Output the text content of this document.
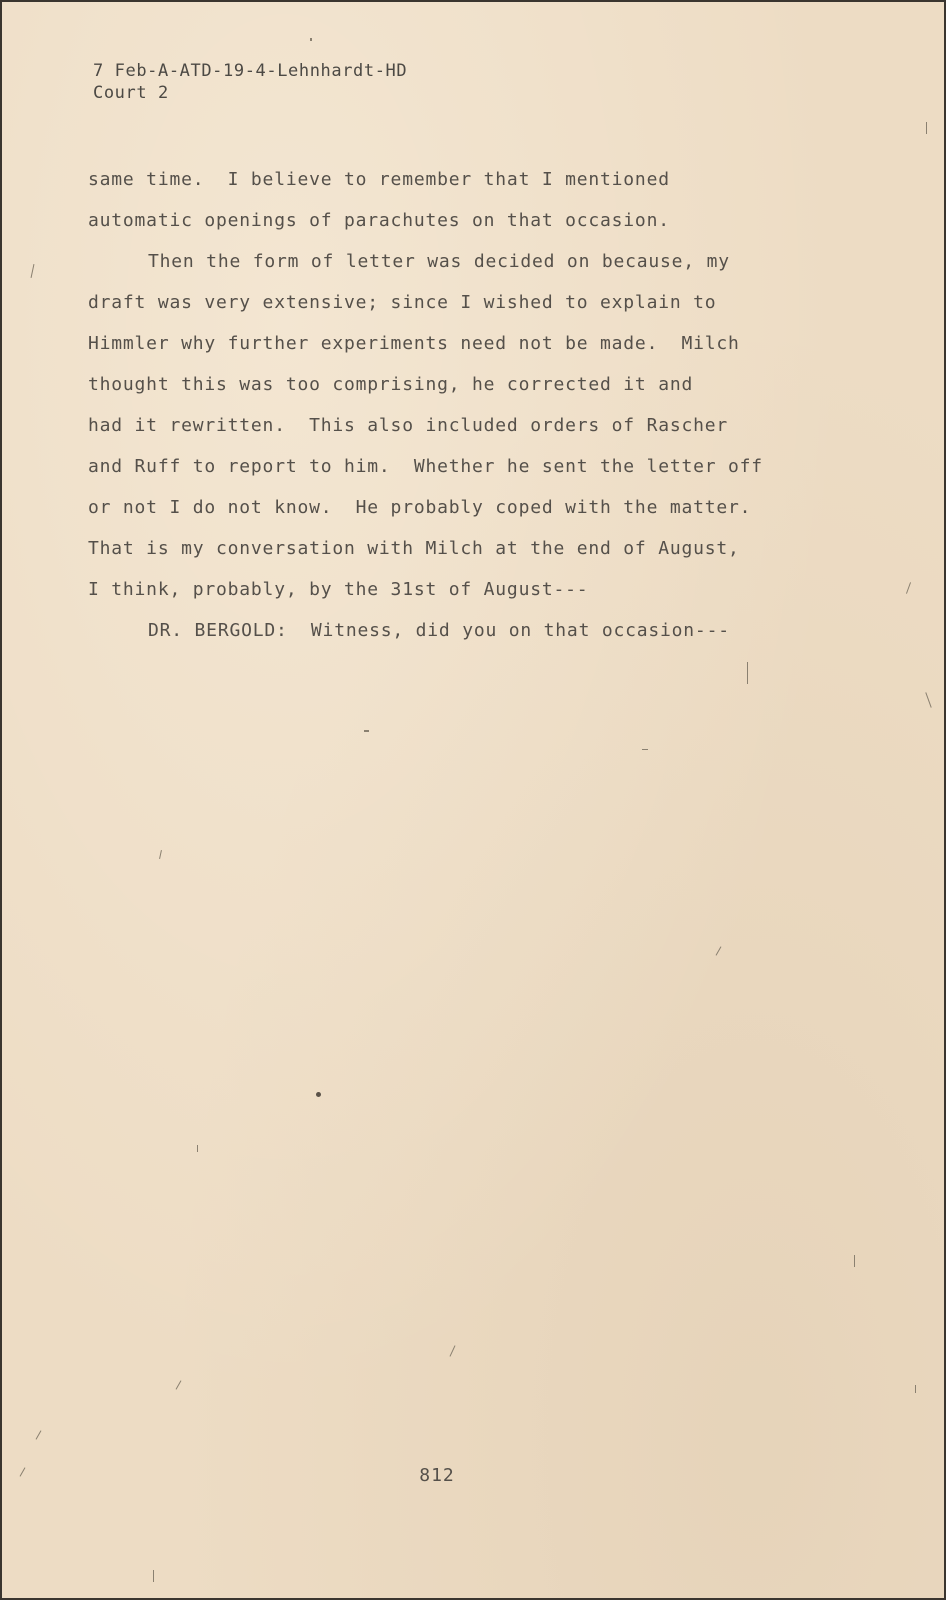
7 Feb-A-ATD-19-4-Lehnhardt-HD
Court 2
same time.  I believe to remember that I mentioned
automatic openings of parachutes on that occasion.
Then the form of letter was decided on because, my
draft was very extensive; since I wished to explain to
Himmler why further experiments need not be made.  Milch
thought this was too comprising, he corrected it and
had it rewritten.  This also included orders of Rascher
and Ruff to report to him.  Whether he sent the letter off
or not I do not know.  He probably coped with the matter.
That is my conversation with Milch at the end of August,
I think, probably, by the 31st of August---
DR. BERGOLD:  Witness, did you on that occasion---
812
